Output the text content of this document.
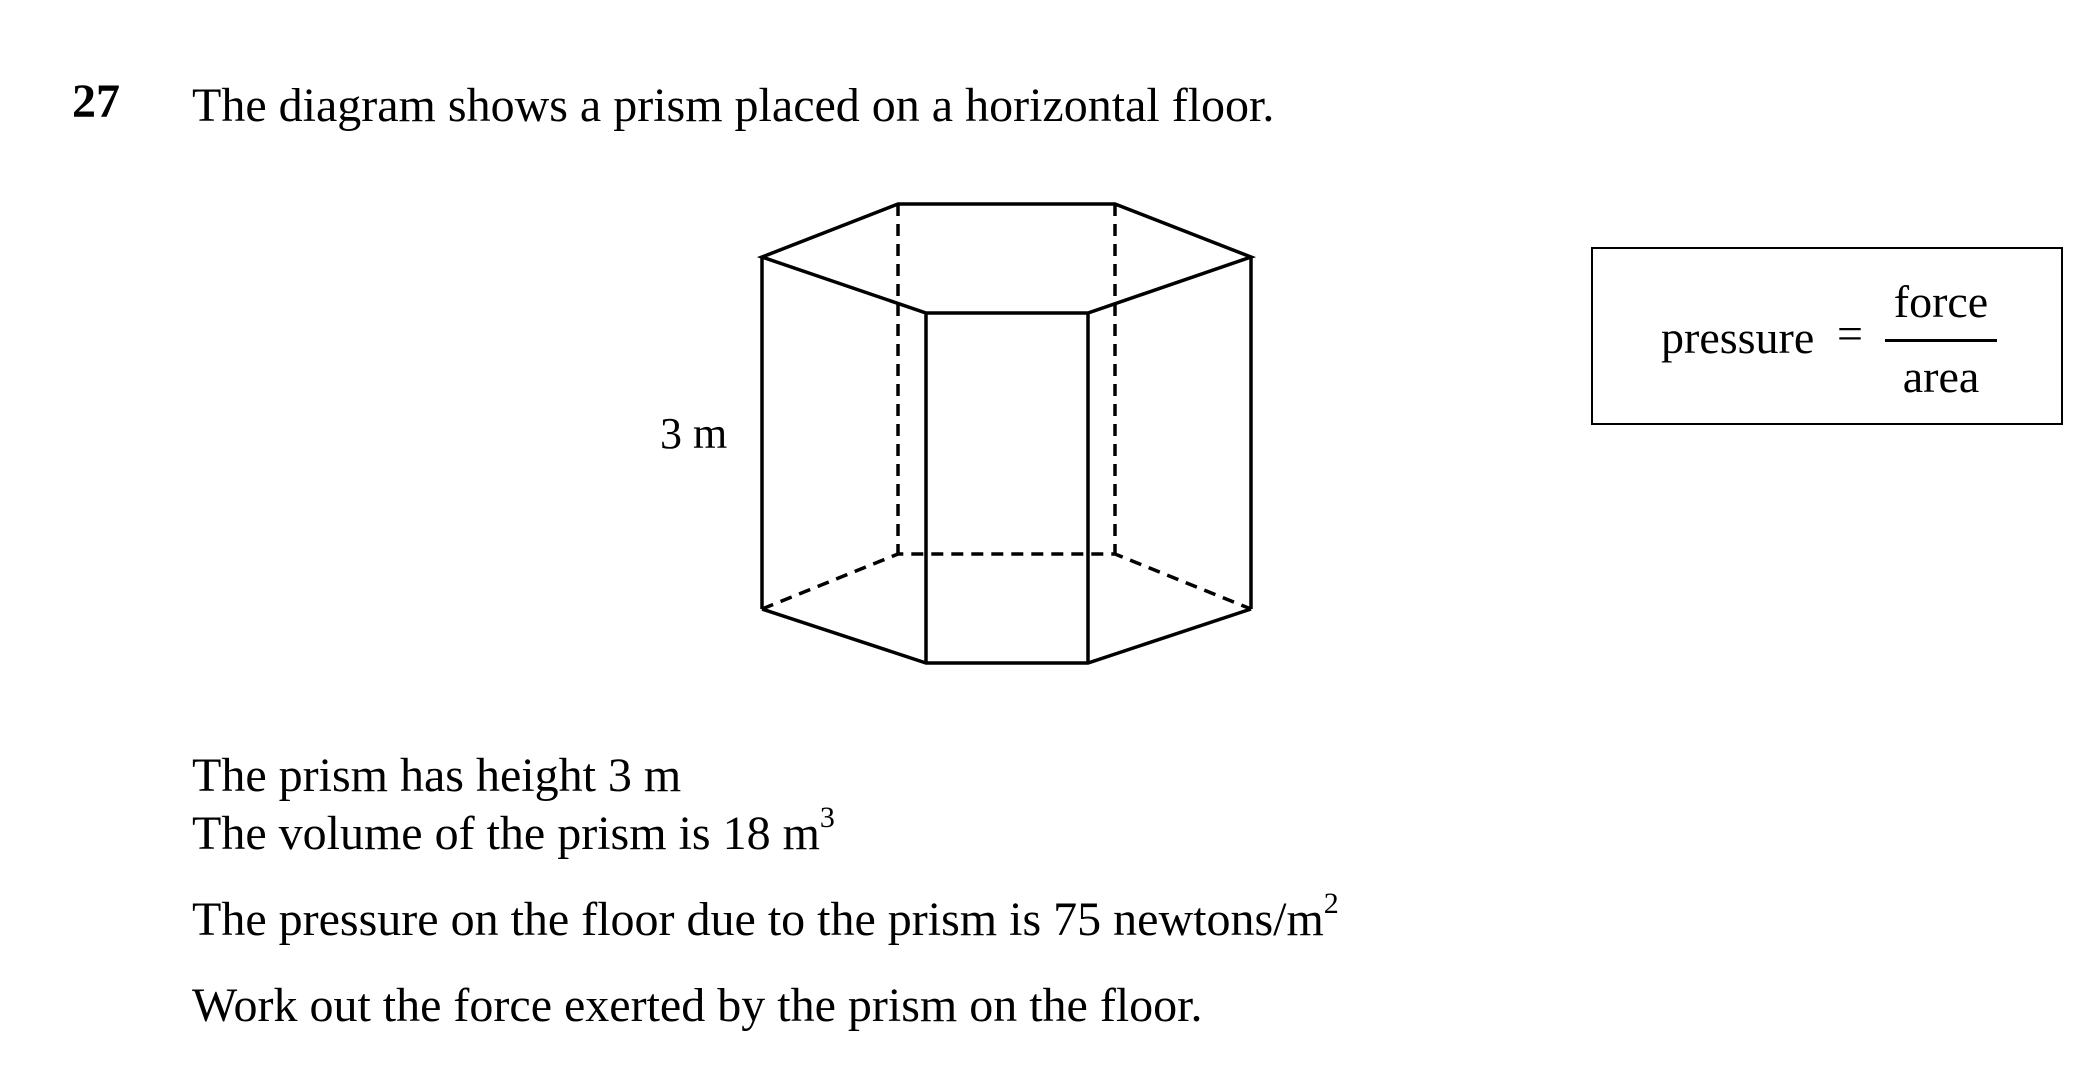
27 The diagram shows a prism placed on a horizontal floor.
3 m
pressure =
force
area
The prism has height 3 m
The volume of the prism is 18 $m^3$
The pressure on the floor due to the prism is 75 newtons/$m^2$
Work out the force exerted by the prism on the floor.
